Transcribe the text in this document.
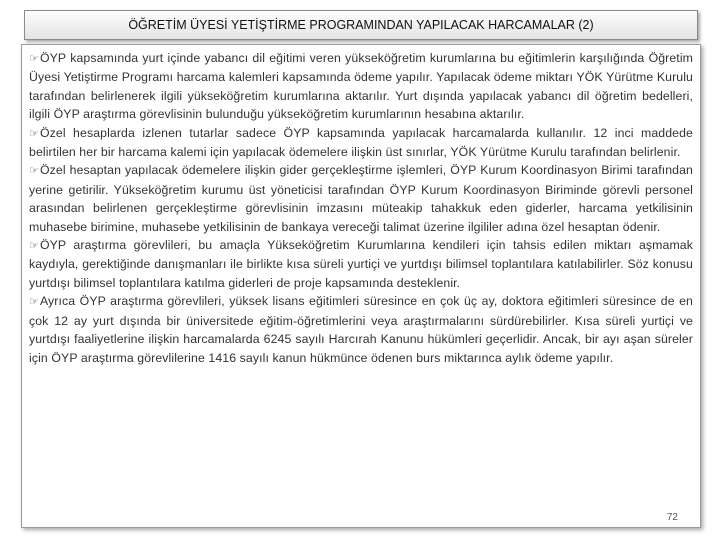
ÖĞRETİM ÜYESİ YETİŞTİRME PROGRAMINDAN YAPILACAK HARCAMALAR (2)

☞ÖYP kapsamında yurt içinde yabancı dil eğitimi veren yükseköğretim kurumlarına bu eğitimlerin karşılığında Öğretim Üyesi Yetiştirme Programı harcama kalemleri kapsamında ödeme yapılır. Yapılacak ödeme miktarı YÖK Yürütme Kurulu tarafından belirlenerek ilgili yükseköğretim kurumlarına aktarılır. Yurt dışında yapılacak yabancı dil öğretim bedelleri, ilgili ÖYP araştırma görevlisinin bulunduğu yükseköğretim kurumlarının hesabına aktarılır.

☞Özel hesaplarda izlenen tutarlar sadece ÖYP kapsamında yapılacak harcamalarda kullanılır. 12 inci maddede belirtilen her bir harcama kalemi için yapılacak ödemelere ilişkin üst sınırlar, YÖK Yürütme Kurulu tarafından belirlenir.

☞Özel hesaptan yapılacak ödemelere ilişkin gider gerçekleştirme işlemleri, ÖYP Kurum Koordinasyon Birimi tarafından yerine getirilir. Yükseköğretim kurumu üst yöneticisi tarafından ÖYP Kurum Koordinasyon Biriminde görevli personel arasından belirlenen gerçekleştirme görevlisinin imzasını müteakip tahakkuk eden giderler, harcama yetkilisinin muhasebe birimine, muhasebe yetkilisinin de bankaya vereceği talimat üzerine ilgililer adına özel hesaptan ödenir.

☞ÖYP araştırma görevlileri, bu amaçla Yükseköğretim Kurumlarına kendileri için tahsis edilen miktarı aşmamak kaydıyla, gerektiğinde danışmanları ile birlikte kısa süreli yurtiçi ve yurtdışı bilimsel toplantılara katılabilirler. Söz konusu yurtdışı bilimsel toplantılara katılma giderleri de proje kapsamında desteklenir.

☞Ayrıca ÖYP araştırma görevlileri, yüksek lisans eğitimleri süresince en çok üç ay, doktora eğitimleri süresince de en çok 12 ay yurt dışında bir üniversitede eğitim-öğretimlerini veya araştırmalarını sürdürebilirler. Kısa süreli yurtiçi ve yurtdışı faaliyetlerine ilişkin harcamalarda 6245 sayılı Harcırah Kanunu hükümleri geçerlidir. Ancak, bir ayı aşan süreler için ÖYP araştırma görevlilerine 1416 sayılı kanun hükmünce ödenen burs miktarınca aylık ödeme yapılır.

72
